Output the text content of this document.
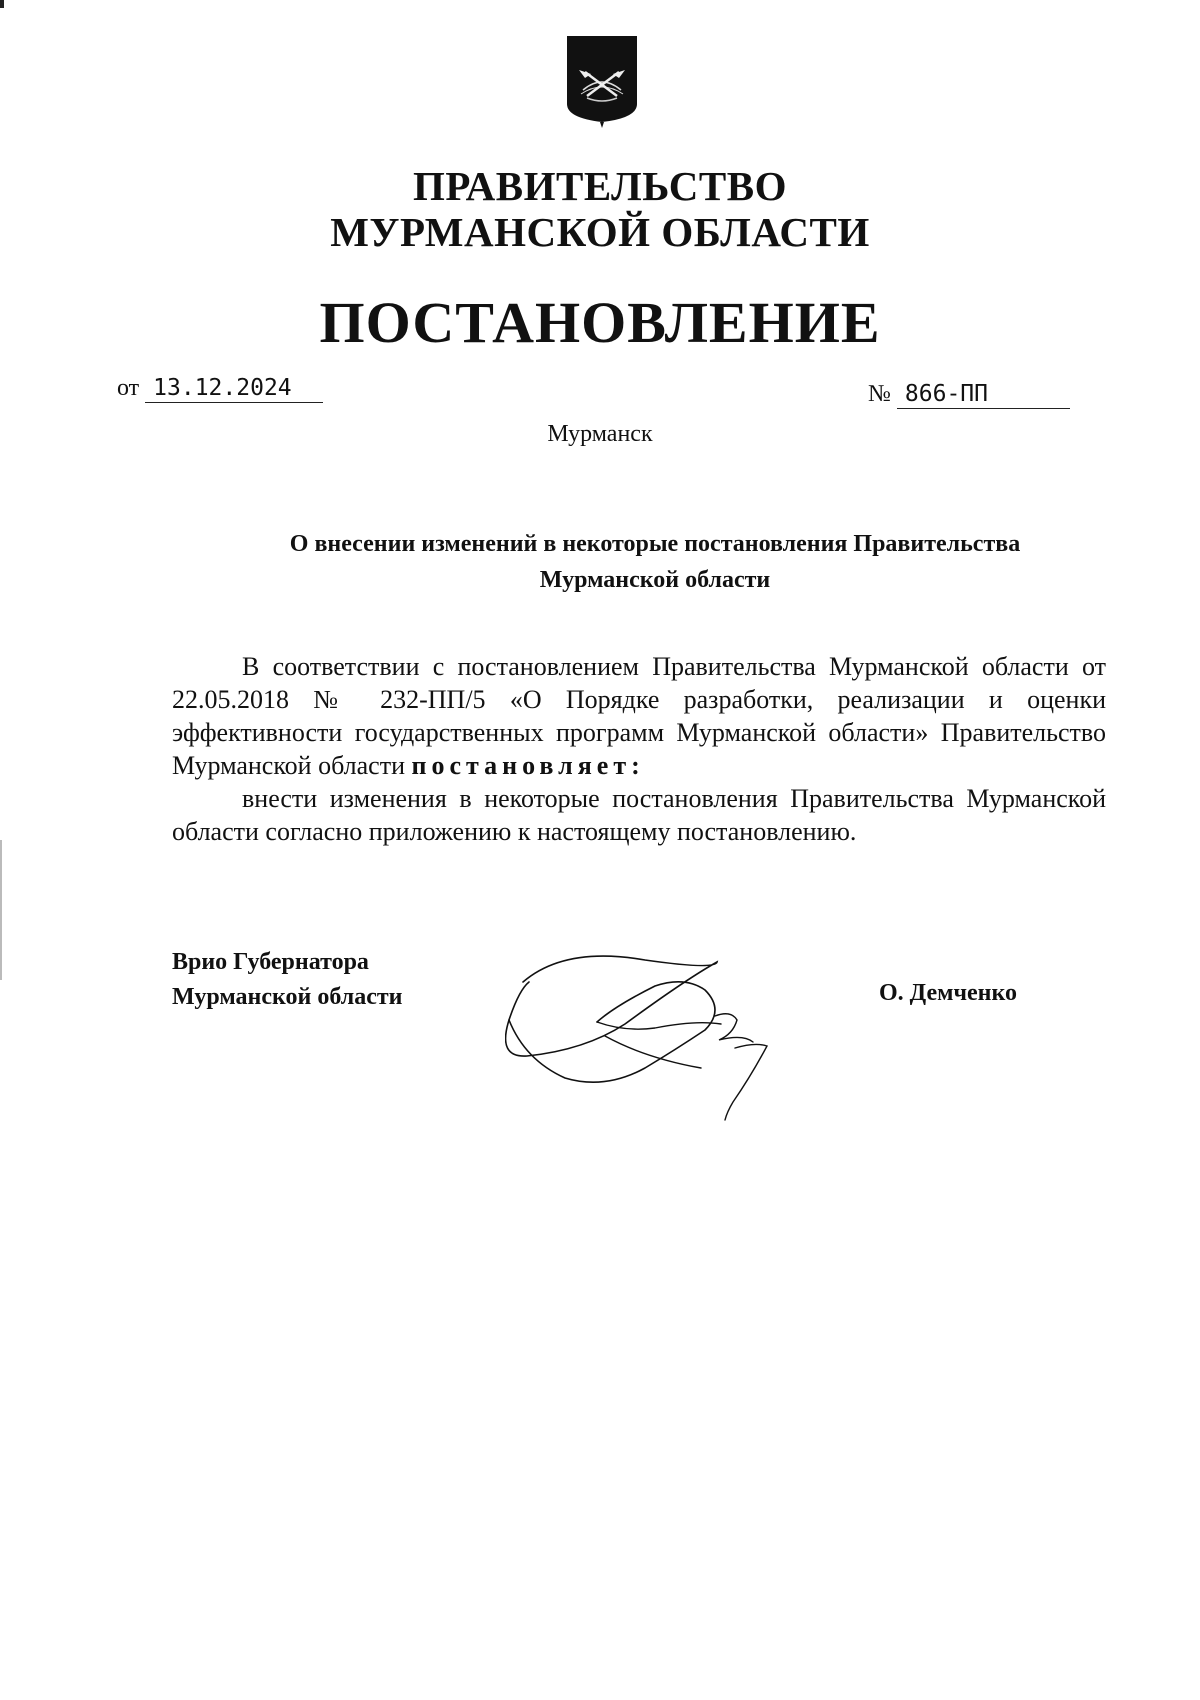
ПРАВИТЕЛЬСТВО
МУРМАНСКОЙ ОБЛАСТИ
ПОСТАНОВЛЕНИЕ
от 13.12.2024	№ 866-ПП
Мурманск
О внесении изменений в некоторые постановления Правительства
Мурманской области

В соответствии с постановлением Правительства Мурманской области от 22.05.2018 № 232-ПП/5 «О Порядке разработки, реализации и оценки эффективности государственных программ Мурманской области» Правительство Мурманской области постановляет:

внести изменения в некоторые постановления Правительства Мурманской области согласно приложению к настоящему постановлению.

Врио Губернатора
Мурманской области	О. Демченко
